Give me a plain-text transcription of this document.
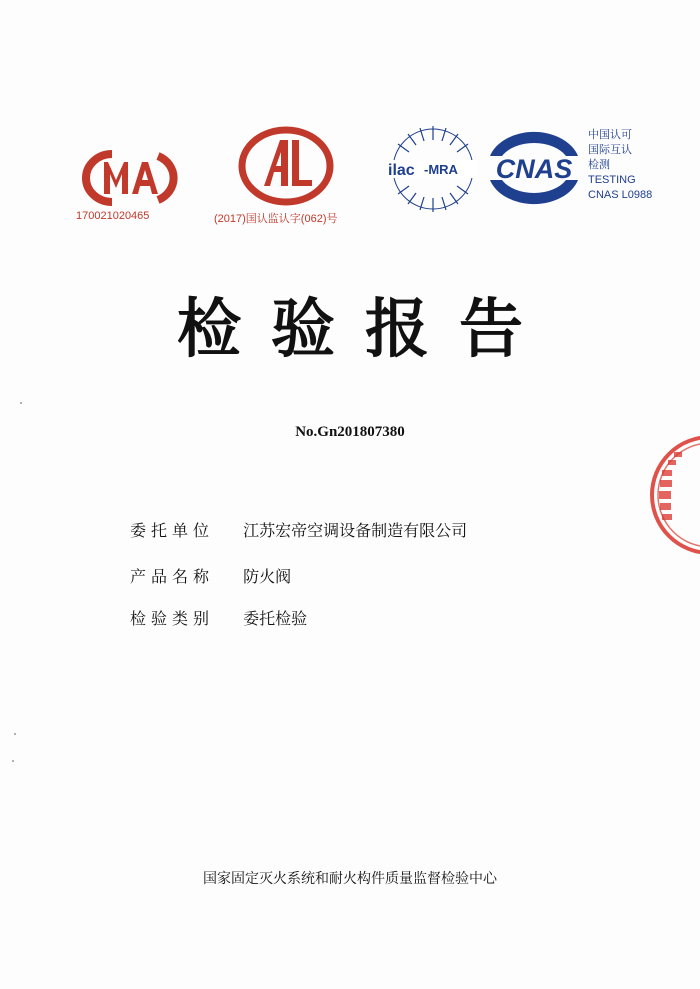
170021020465	(2017)国认监认字(062)号
ilac -MRA CNAS
中国认可
国际互认
检测
TESTING
CNAS L0988
检验报告
No.Gn201807380
委托单位 江苏宏帝空调设备制造有限公司
产品名称 防火阀
检验类别 委托检验
国家固定灭火系统和耐火构件质量监督检验中心
